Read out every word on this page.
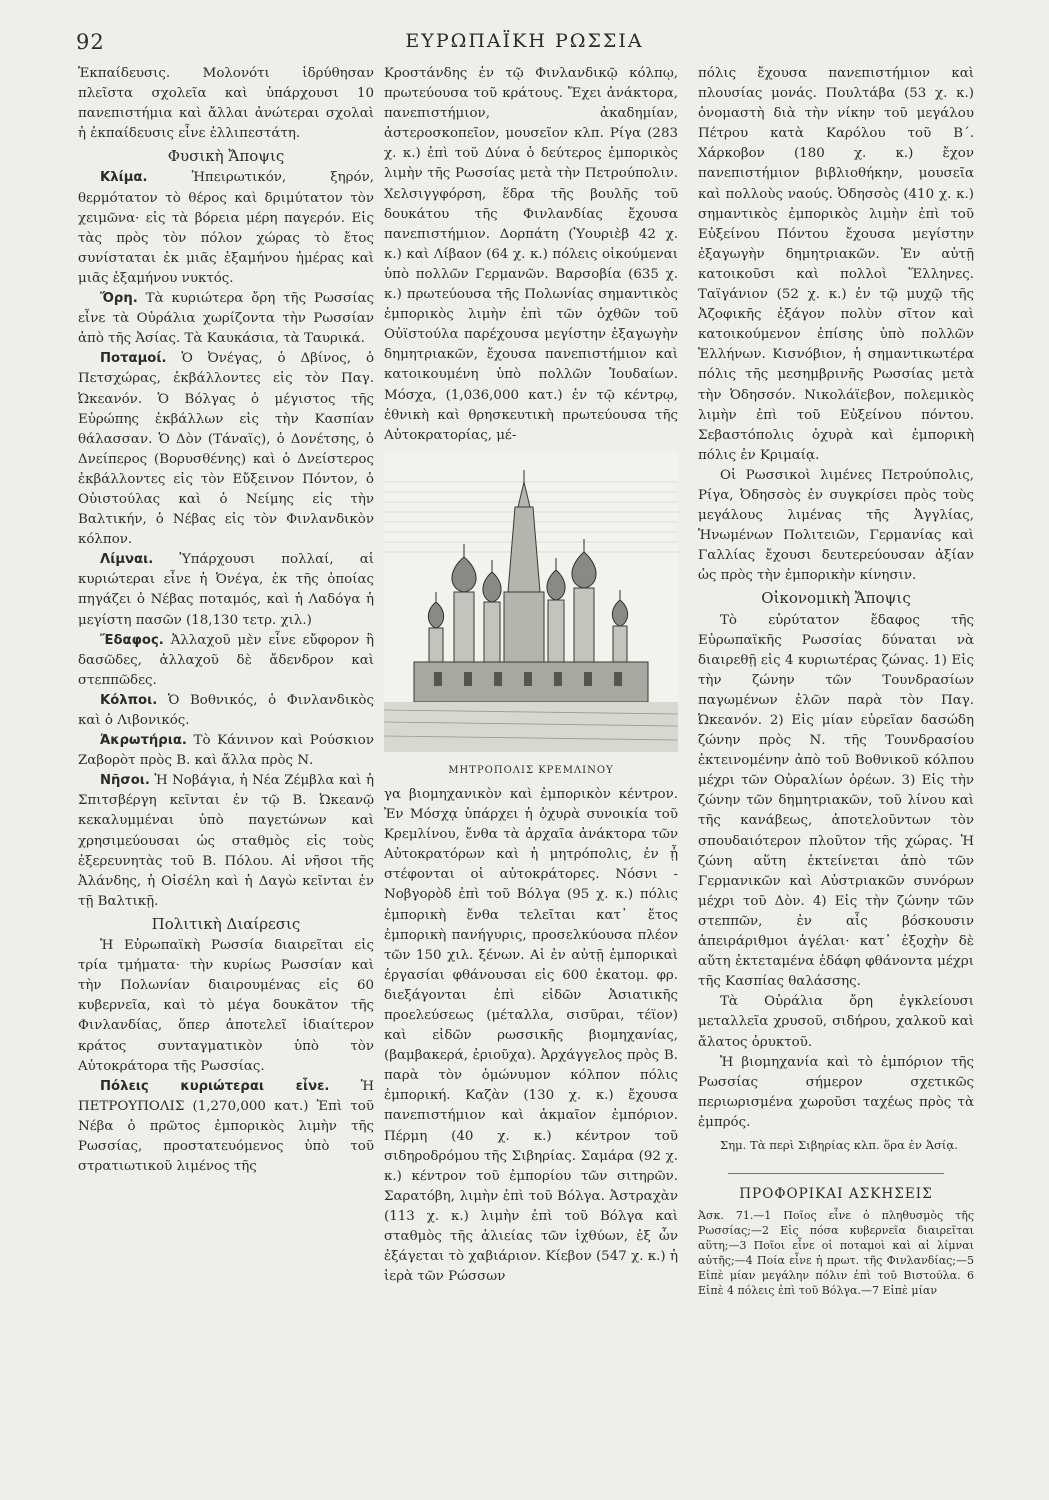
92	ΕΥΡΩΠΑΪΚΗ ΡΩΣΣΙΑ

Ἐκπαίδευσις. Μολονότι ἱδρύθησαν πλεῖστα σχολεῖα καὶ ὑπάρχουσι 10 πανεπιστήμια καὶ ἄλλαι ἀνώτεραι σχολαὶ ἡ ἐκπαίδευσις εἶνε ἐλλιπεστάτη.

Φυσικὴ Ἄποψις

Κλίμα.	Ἠπειρωτικόν, ξηρόν, θερμότατον τὸ θέρος καὶ δριμύτατον τὸν χειμῶνα· εἰς τὰ βόρεια μέρη παγερόν. Εἰς τὰς πρὸς τὸν πόλον χώρας τὸ ἔτος συνίσταται ἐκ μιᾶς ἑξαμήνου ἡμέρας καὶ μιᾶς ἑξαμήνου νυκτός.

Ὄρη. Τὰ κυριώτερα ὄρη τῆς Ρωσσίας εἶνε τὰ Οὐράλια χωρίζοντα τὴν Ρωσσίαν ἀπὸ τῆς Ἀσίας. Τὰ Καυκάσια, τὰ Ταυρικά.

Ποταμοί. Ὁ Ὀνέγας, ὁ Δβίνος, ὁ Πετσχώρας, ἐκβάλλοντες εἰς τὸν Παγ. Ὠκεανόν. Ὁ Βόλγας ὁ μέγιστος τῆς Εὐρώπης ἐκβάλλων εἰς τὴν Κασπίαν θάλασσαν. Ὁ Δὸν (Τάναϊς), ὁ Δονέτσης, ὁ Δνείπερος (Βορυσθένης) καὶ ὁ Δνείστερος ἐκβάλλοντες εἰς τὸν Εὔξεινον Πόντον, ὁ Οὐιστούλας καὶ ὁ Νείμης εἰς τὴν Βαλτικήν, ὁ Νέβας εἰς τὸν Φινλανδικὸν κόλπον.

Λίμναι. Ὑπάρχουσι πολλαί, αἱ κυριώτεραι εἶνε ἡ Ὀνέγα, ἐκ τῆς ὁποίας πηγάζει ὁ Νέβας ποταμός, καὶ ἡ Λαδόγα ἡ μεγίστη πασῶν (18,130 τετρ. χιλ.)

Ἔδαφος. Ἀλλαχοῦ μὲν εἶνε εὔφορον ἢ δασῶδες, ἀλλαχοῦ δὲ ἄδενδρον καὶ στεππῶδες.

Κόλποι. Ὁ Βοθνικός, ὁ Φινλανδικὸς καὶ ὁ Λιβονικός.

Ἀκρωτήρια. Τὸ Κάνινον καὶ Ρούσκιον Ζαβορὸτ πρὸς Β. καὶ ἄλλα πρὸς Ν.

Νῆσοι. Ἡ Νοβάγια, ἡ Νέα Ζέμβλα καὶ ἡ Σπιτσβέργη κεῖνται ἐν τῷ Β. Ὠκεανῷ κεκαλυμμέναι ὑπὸ παγετώνων καὶ χρησιμεύουσαι ὡς σταθμὸς εἰς τοὺς ἐξερευνητὰς τοῦ Β. Πόλου. Αἱ νῆσοι τῆς Ἀλάνδης, ἡ Οἰσέλη καὶ ἡ Δαγὼ κεῖνται ἐν τῇ Βαλτικῇ.

Πολιτικὴ Διαίρεσις

Ἡ Εὐρωπαϊκὴ Ρωσσία διαιρεῖται εἰς τρία τμήματα· τὴν κυρίως Ρωσσίαν καὶ τὴν Πολωνίαν διαιρουμένας εἰς 60 κυβερνεῖα, καὶ τὸ μέγα δουκᾶτον τῆς Φινλανδίας, ὅπερ ἀποτελεῖ ἰδιαίτερον κράτος συνταγματικὸν ὑπὸ τὸν Αὐτοκράτορα τῆς Ρωσσίας.

Πόλεις κυριώτεραι εἶνε. Ἡ ΠΕΤΡΟΥΠΟΛΙΣ (1,270,000 κατ.) Ἐπὶ τοῦ Νέβα ὁ πρῶτος ἐμπορικὸς λιμὴν τῆς Ρωσσίας, προστατευόμενος ὑπὸ τοῦ στρατιωτικοῦ λιμένος τῆς

Κροστάνδης ἐν τῷ Φινλανδικῷ κόλπῳ, πρωτεύουσα τοῦ κράτους. Ἔχει ἀνάκτορα, πανεπιστήμιον, ἀκαδημίαν, ἀστεροσκοπεῖον, μουσεῖον κλπ. Ρίγα (283 χ. κ.) ἐπὶ τοῦ Δύνα ὁ δεύτερος ἐμπορικὸς λιμὴν τῆς Ρωσσίας μετὰ τὴν Πετρούπολιν. Χελσιγγφόρση, ἕδρα τῆς βουλῆς τοῦ δουκάτου τῆς Φινλανδίας ἔχουσα πανεπιστήμιον. Δορπάτη (Ὑουριὲβ 42 χ. κ.) καὶ Λίβαον (64 χ. κ.) πόλεις οἰκούμεναι ὑπὸ πολλῶν Γερμανῶν. Βαρσοβία (635 χ. κ.) πρωτεύουσα τῆς Πολωνίας σημαντικὸς ἐμπορικὸς λιμὴν ἐπὶ τῶν ὀχθῶν τοῦ Οὐϊστούλα παρέχουσα μεγίστην ἐξαγωγὴν δημητριακῶν, ἔχουσα πανεπιστήμιον καὶ κατοικουμένη ὑπὸ πολλῶν Ἰουδαίων. Μόσχα, (1,036,000 κατ.) ἐν τῷ κέντρῳ, ἐθνικὴ καὶ θρησκευτικὴ πρωτεύουσα τῆς Αὐτοκρατορίας, μέ-

ΜΗΤΡΟΠΟΛΙΣ ΚΡΕΜΛΙΝΟΥ

γα βιομηχανικὸν καὶ ἐμπορικὸν κέντρον. Ἐν Μόσχᾳ ὑπάρχει ἡ ὀχυρὰ συνοικία τοῦ Κρεμλίνου, ἔνθα τὰ ἀρχαῖα ἀνάκτορα τῶν Αὐτοκρατόρων καὶ ἡ μητρόπολις, ἐν ᾗ στέφονται οἱ αὐτοκράτορες. Νόσνι - Νοβγορὸδ ἐπὶ τοῦ Βόλγα (95 χ. κ.) πόλις ἐμπορικὴ ἔνθα τελεῖται κατ᾽ ἔτος ἐμπορικὴ πανήγυρις, προσελκύουσα πλέον τῶν 150 χιλ. ξένων. Αἱ ἐν αὐτῇ ἐμπορικαὶ ἐργασίαι φθάνουσαι εἰς 600 ἑκατομ. φρ. διεξάγονται ἐπὶ εἰδῶν Ἀσιατικῆς προελεύσεως (μέταλλα, σισῦραι, τέϊον) καὶ εἰδῶν ρωσσικῆς βιομηχανίας, (βαμβακερά, ἐριοῦχα). Ἀρχάγγελος πρὸς Β. παρὰ τὸν ὁμώνυμον κόλπον πόλις ἐμπορική. Καζὰν (130 χ. κ.) ἔχουσα πανεπιστήμιον καὶ ἀκμαῖον ἐμπόριον. Πέρμη (40 χ. κ.) κέντρον τοῦ σιδηροδρόμου τῆς Σιβηρίας. Σαμάρα (92 χ. κ.) κέντρον τοῦ ἐμπορίου τῶν σιτηρῶν. Σαρατόβη, λιμὴν ἐπὶ τοῦ Βόλγα. Ἀστραχὰν (113 χ. κ.) λιμὴν ἐπὶ τοῦ Βόλγα καὶ σταθμὸς τῆς ἁλιείας τῶν ἰχθύων, ἐξ ὧν ἐξάγεται τὸ χαβιάριον. Κίεβον (547 χ. κ.) ἡ ἱερὰ τῶν Ρώσσων

πόλις ἔχουσα πανεπιστήμιον καὶ πλουσίας μονάς. Πουλτάβα (53 χ. κ.) ὀνομαστὴ διὰ τὴν νίκην τοῦ μεγάλου Πέτρου κατὰ Καρόλου τοῦ Β΄. Χάρκοβον (180 χ. κ.) ἔχον πανεπιστήμιον βιβλιοθήκην, μουσεῖα καὶ πολλοὺς ναούς. Ὀδησσὸς (410 χ. κ.) σημαντικὸς ἐμπορικὸς λιμὴν ἐπὶ τοῦ Εὐξείνου Πόντου ἔχουσα μεγίστην ἐξαγωγὴν δημητριακῶν. Ἐν αὐτῇ κατοικοῦσι καὶ πολλοὶ Ἕλληνες. Ταϊγάνιον (52 χ. κ.) ἐν τῷ μυχῷ τῆς Ἀζοφικῆς ἐξάγον πολὺν σῖτον καὶ κατοικούμενον ἐπίσης ὑπὸ πολλῶν Ἑλλήνων. Κισνόβιον, ἡ σημαντικωτέρα πόλις τῆς μεσημβρινῆς Ρωσσίας μετὰ τὴν Ὀδησσόν. Νικολάϊεβον, πολεμικὸς λιμὴν ἐπὶ τοῦ Εὐξείνου πόντου. Σεβαστόπολις ὀχυρὰ καὶ ἐμπορικὴ πόλις ἐν Κριμαίᾳ.

Οἱ Ρωσσικοὶ λιμένες Πετρούπολις, Ρίγα, Ὀδησσὸς ἐν συγκρίσει πρὸς τοὺς μεγάλους λιμένας τῆς Ἀγγλίας, Ἡνωμένων Πολιτειῶν, Γερμανίας καὶ Γαλλίας ἔχουσι δευτερεύουσαν ἀξίαν ὡς πρὸς τὴν ἐμπορικὴν κίνησιν.

Οἰκονομικὴ Ἄποψις

Τὸ εὐρύτατον ἔδαφος τῆς Εὐρωπαϊκῆς Ρωσσίας δύναται νὰ διαιρεθῇ εἰς 4 κυριωτέρας ζώνας. 1) Εἰς τὴν ζώνην τῶν Τουνδρασίων παγωμένων ἑλῶν παρὰ τὸν Παγ. Ὠκεανόν. 2) Εἰς μίαν εὐρεῖαν δασώδη ζώνην πρὸς Ν. τῆς Τουνδρασίου ἐκτεινομένην ἀπὸ τοῦ Βοθνικοῦ κόλπου μέχρι τῶν Οὐραλίων ὀρέων. 3) Εἰς τὴν ζώνην τῶν δημητριακῶν, τοῦ λίνου καὶ τῆς κανάβεως, ἀποτελοῦντων τὸν σπουδαιότερον πλοῦτον τῆς χώρας. Ἡ ζώνη αὕτη ἐκτείνεται ἀπὸ τῶν Γερμανικῶν καὶ Αὐστριακῶν συνόρων μέχρι τοῦ Δὸν. 4) Εἰς τὴν ζώνην τῶν στεππῶν, ἐν αἷς βόσκουσιν ἀπειράριθμοι ἀγέλαι· κατ᾽ ἐξοχὴν δὲ αὕτη ἐκτεταμένα ἐδάφη φθάνοντα μέχρι τῆς Κασπίας θαλάσσης.

Τὰ Οὐράλια ὄρη ἐγκλείουσι μεταλλεῖα χρυσοῦ, σιδήρου, χαλκοῦ καὶ ἄλατος ὀρυκτοῦ.

Ἡ βιομηχανία καὶ τὸ ἐμπόριον τῆς Ρωσσίας σήμερον σχετικῶς περιωρισμένα χωροῦσι ταχέως πρὸς τὰ ἐμπρός.

Σημ. Τὰ περὶ Σιβηρίας κλπ. ὅρα ἐν Ἀσίᾳ.

ΠΡΟΦΟΡΙΚΑΙ ΑΣΚΗΣΕΙΣ

Ἀσκ. 71.—1 Ποῖος εἶνε ὁ πληθυσμὸς τῆς Ρωσσίας;—2 Εἰς πόσα κυβερνεῖα διαιρεῖται αὕτη;—3 Ποῖοι εἶνε οἱ ποταμοὶ καὶ αἱ λίμναι αὐτῆς;—4 Ποία εἶνε ἡ πρωτ. τῆς Φινλανδίας;—5 Εἰπὲ μίαν μεγάλην πόλιν ἐπὶ τοῦ Βιστούλα. 6 Εἰπὲ 4 πόλεις ἐπὶ τοῦ Βόλγα.—7 Εἰπὲ μίαν
